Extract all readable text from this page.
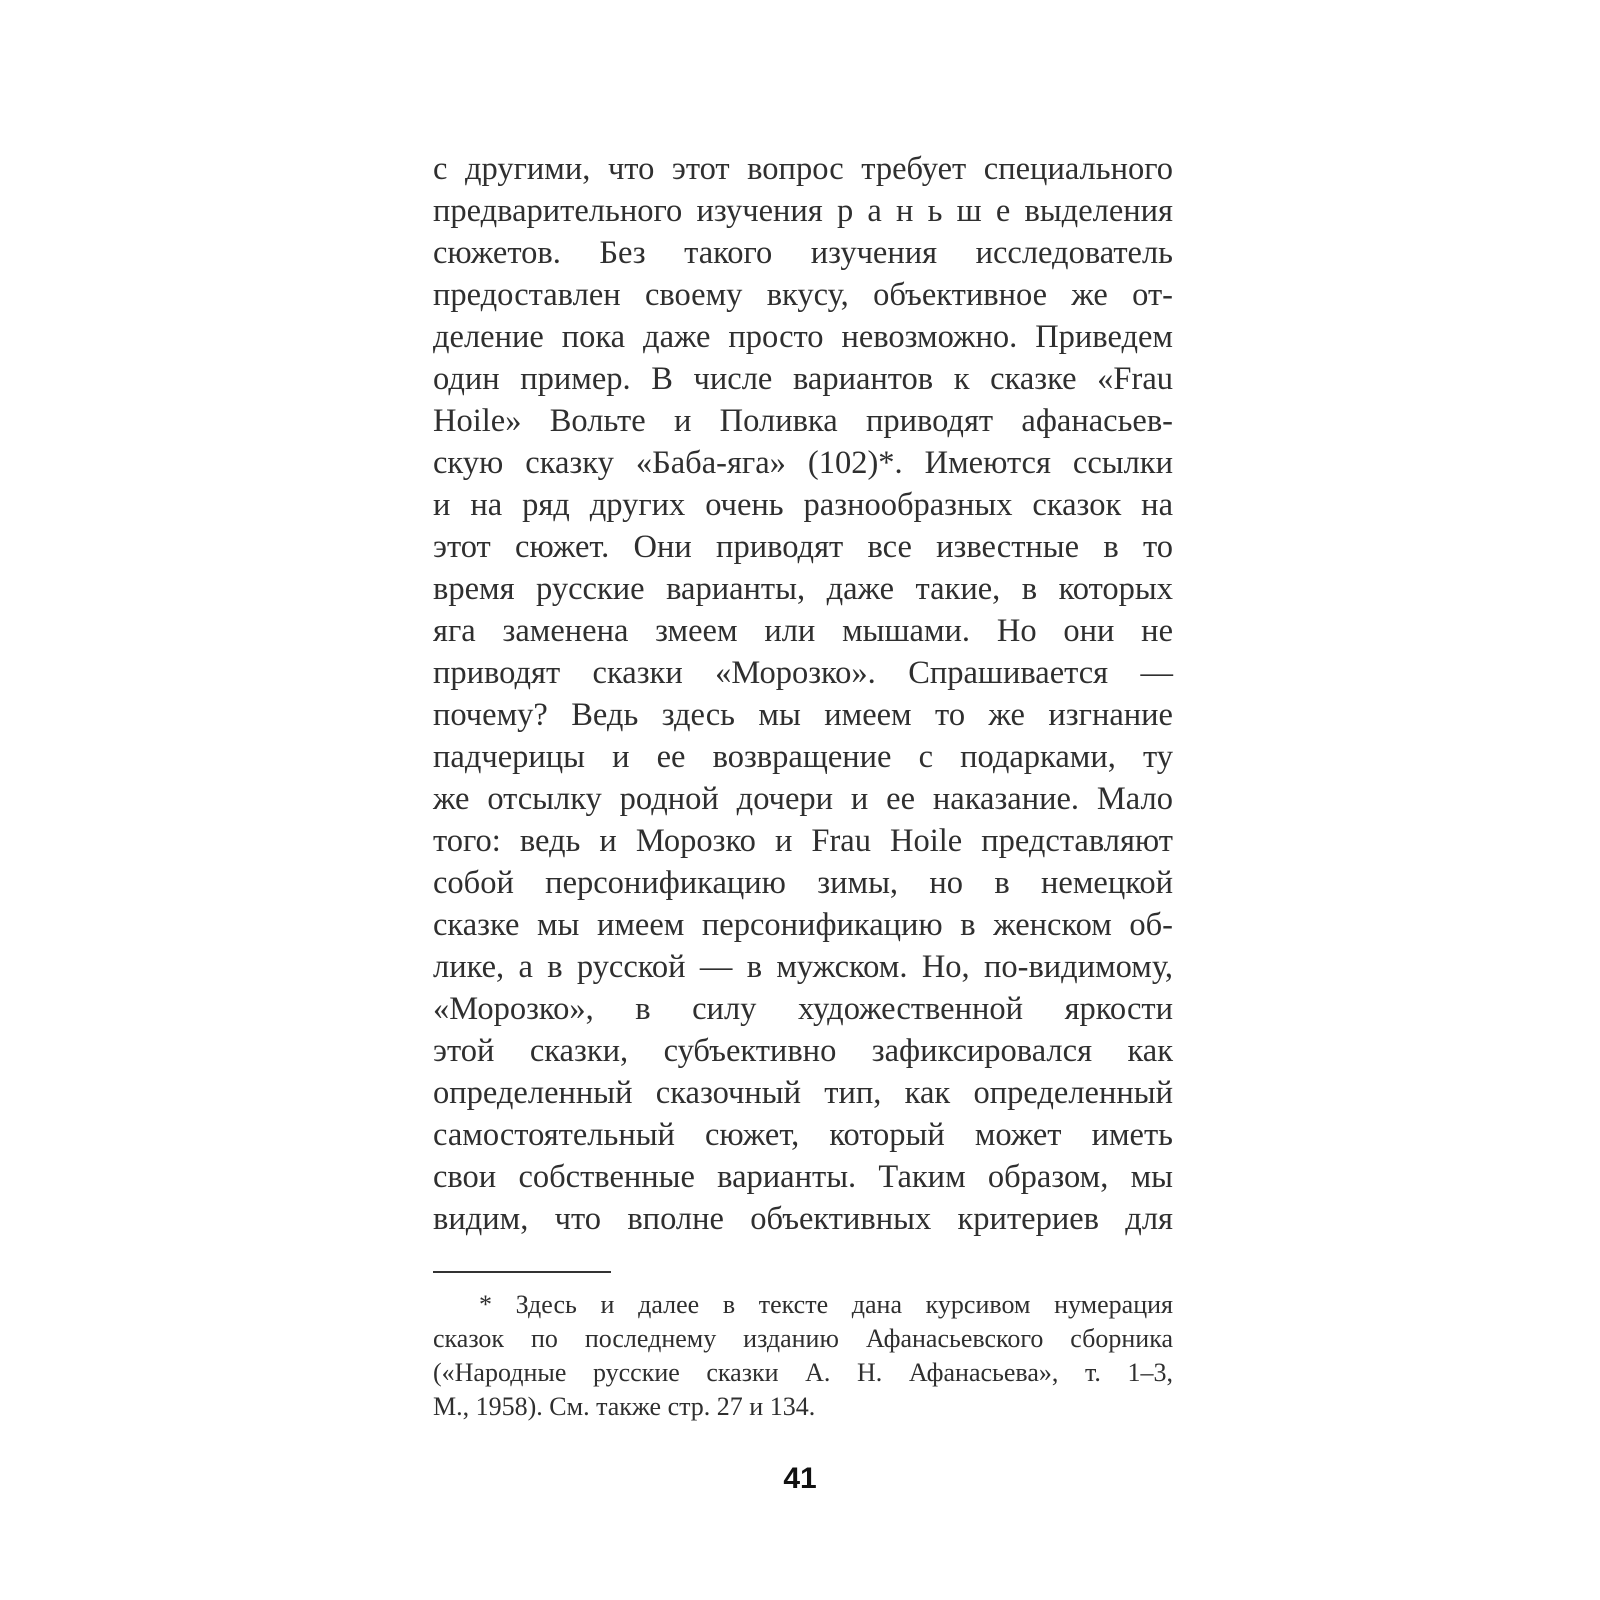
с другими, что этот вопрос требует специального
предварительного изучения р а н ь ш е выделения
сюжетов. Без такого изучения исследователь
предоставлен своему вкусу, объективное же от-
деление пока даже просто невозможно. Приведем
один пример. В числе вариантов к сказке «Frau
Hoile» Вольте и Поливка приводят афанасьев-
скую сказку «Баба-яга» (102)*. Имеются ссылки
и на ряд других очень разнообразных сказок на
этот сюжет. Они приводят все известные в то
время русские варианты, даже такие, в которых
яга заменена змеем или мышами. Но они не
приводят сказки «Морозко». Спрашивается —
почему? Ведь здесь мы имеем то же изгнание
падчерицы и ее возвращение с подарками, ту
же отсылку родной дочери и ее наказание. Мало
того: ведь и Морозко и Frau Hoile представляют
собой персонификацию зимы, но в немецкой
сказке мы имеем персонификацию в женском об-
лике, а в русской — в мужском. Но, по-видимому,
«Морозко», в силу художественной яркости
этой сказки, субъективно зафиксировался как
определенный сказочный тип, как определенный
самостоятельный сюжет, который может иметь
свои собственные варианты. Таким образом, мы
видим, что вполне объективных критериев для
* Здесь и далее в тексте дана курсивом нумерация
сказок по последнему изданию Афанасьевского сборника
(«Народные русские сказки А. Н. Афанасьева», т. 1–3,
М., 1958). См. также стр. 27 и 134.
41
